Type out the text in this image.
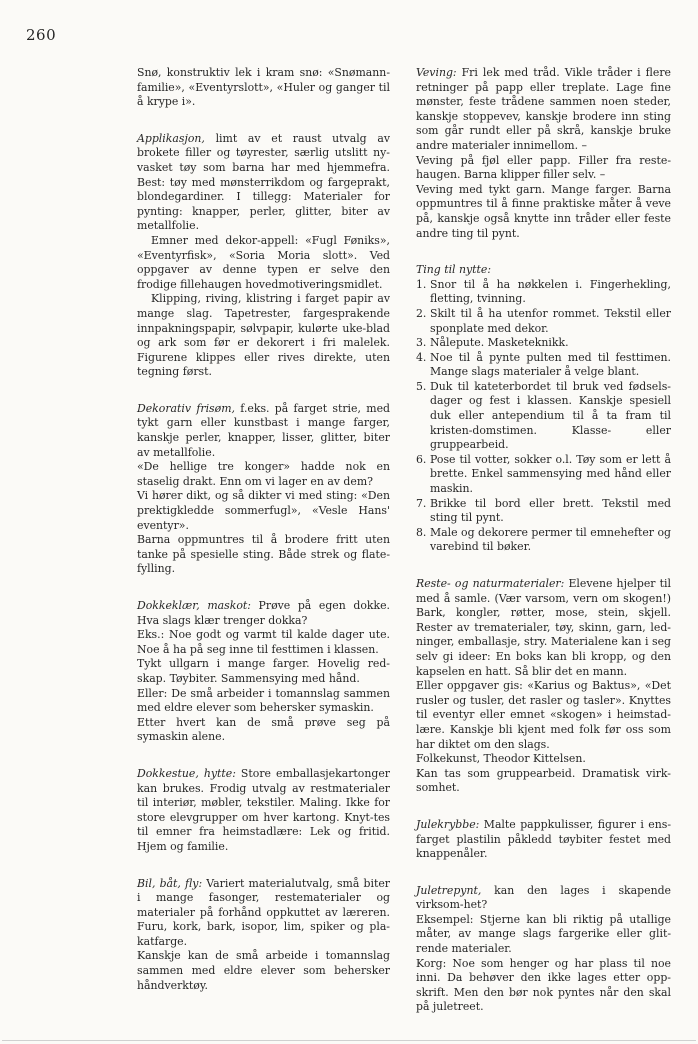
260

Snø, konstruktiv lek i kram snø: «Snømann-familie», «Eventyrslott», «Huler og ganger til å krype i».

Applikasjon, limt av et raust utvalg av brokete filler og tøyrester, særlig utslitt ny-vasket tøy som barna har med hjemmefra. Best: tøy med mønsterrikdom og fargeprakt, blondegardiner. I tillegg: Materialer for pynting: knapper, perler, glitter, biter av metallfolie.

Emner med dekor-appell: «Fugl Føniks», «Eventyrfisk», «Soria Moria slott». Ved oppgaver av denne typen er selve den frodige fillehaugen hovedmotiveringsmidlet.

Klipping, riving, klistring i farget papir av mange slag. Tapetrester, fargesprakende innpakningspapir, sølvpapir, kulørte uke-blad og ark som før er dekorert i fri malelek. Figurene klippes eller rives direkte, uten tegning først.

Dekorativ frisøm, f.eks. på farget strie, med tykt garn eller kunstbast i mange farger, kanskje perler, knapper, lisser, glitter, biter av metallfolie.

«De hellige tre konger» hadde nok en staselig drakt. Enn om vi lager en av dem?

Vi hører dikt, og så dikter vi med sting: «Den prektigkledde sommerfugl», «Vesle Hans' eventyr».

Barna oppmuntres til å brodere fritt uten tanke på spesielle sting. Både strek og flate-fylling.

Dokkeklær, maskot: Prøve på egen dokke. Hva slags klær trenger dokka?

Eks.: Noe godt og varmt til kalde dager ute. Noe å ha på seg inne til festtimen i klassen.

Tykt ullgarn i mange farger. Hovelig red-skap. Tøybiter. Sammensying med hånd.

Eller: De små arbeider i tomannslag sammen med eldre elever som behersker symaskin.

Etter hvert kan de små prøve seg på symaskin alene.

Dokkestue, hytte: Store emballasjekartonger kan brukes. Frodig utvalg av restmaterialer til interiør, møbler, tekstiler. Maling. Ikke for store elevgrupper om hver kartong. Knyt-tes til emner fra heimstadlære: Lek og fritid. Hjem og familie.

Bil, båt, fly: Variert materialutvalg, små biter i mange fasonger, restematerialer og materialer på forhånd oppkuttet av læreren. Furu, kork, bark, isopor, lim, spiker og pla-katfarge.

Kanskje kan de små arbeide i tomannslag sammen med eldre elever som behersker håndverktøy.

Veving: Fri lek med tråd. Vikle tråder i flere retninger på papp eller treplate. Lage fine mønster, feste trådene sammen noen steder, kanskje stoppevev, kanskje brodere inn sting som går rundt eller på skrå, kanskje bruke andre materialer innimellom. –

Veving på fjøl eller papp. Filler fra reste-haugen. Barna klipper filler selv. –

Veving med tykt garn. Mange farger. Barna oppmuntres til å finne praktiske måter å veve på, kanskje også knytte inn tråder eller feste andre ting til pynt.

Ting til nytte:

1. Snor til å ha nøkkelen i. Fingerhekling, fletting, tvinning.
2. Skilt til å ha utenfor rommet. Tekstil eller sponplate med dekor.
3. Nåleputе. Masketeknikk.
4. Noe til å pynte pulten med til festtimen. Mange slags materialer å velge blant.
5. Duk til kateterbordet til bruk ved fødsels-dager og fest i klassen. Kanskje spesiell duk eller antependium til å ta fram til kristen-domstimen. Klasse- eller gruppearbeid.
6. Pose til votter, sokker o.l. Tøy som er lett å brette. Enkel sammensying med hånd eller maskin.
7. Brikke til bord eller brett. Tekstil med sting til pynt.
8. Male og dekorere permer til emnehefter og varebind til bøker.

Reste- og naturmaterialer: Elevene hjelper til med å samle. (Vær varsom, vern om skogen!) Bark, kongler, røtter, mose, stein, skjell. Rester av trematerialer, tøy, skinn, garn, led-ninger, emballasje, stry. Materialene kan i seg selv gi ideer: En boks kan bli kropp, og den kapselen en hatt. Så blir det en mann.

Eller oppgaver gis: «Karius og Baktus», «Det rusler og tusler, det rasler og tasler». Knyttes til eventyr eller emnet «skogen» i heimstad-lære. Kanskje bli kjent med folk før oss som har diktet om den slags.

Folkekunst, Theodor Kittelsen.

Kan tas som gruppearbeid. Dramatisk virk-somhet.

Julekrybbe: Malte pappkulisser, figurer i ens-farget plastilin påkledd tøybiter festet med knappenåler.

Juletrepynt, kan den lages i skapende virksom-het?

Eksempel: Stjerne kan bli riktig på utallige måter, av mange slags fargerike eller glit-rende materialer.

Korg: Noe som henger og har plass til noe inni. Da behøver den ikke lages etter opp-skrift. Men den bør nok pyntes når den skal på juletreet.
